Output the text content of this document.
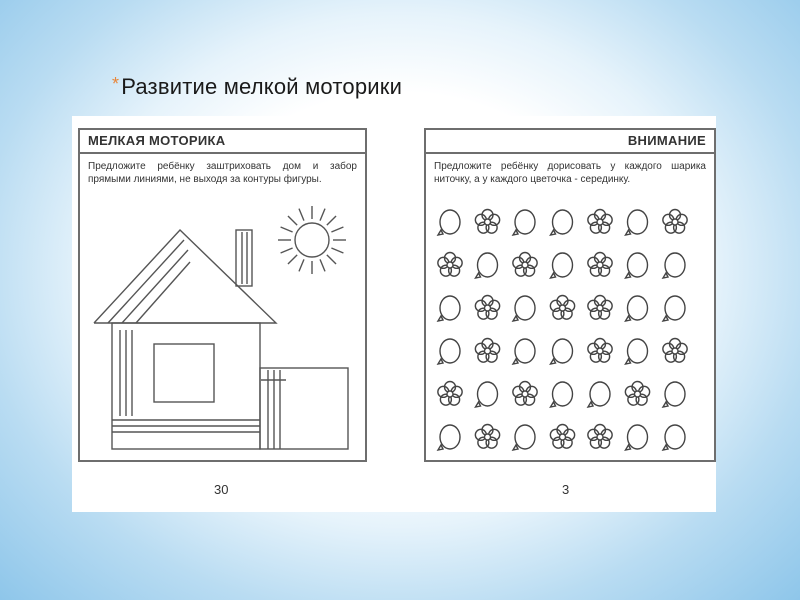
*Развитие мелкой моторики
МЕЛКАЯ МОТОРИКА
Предложите ребёнку заштриховать дом и забор прямыми линиями, не выходя за контуры фигуры.
ВНИМАНИЕ
Предложите ребёнку дорисовать у каждого шарика ниточку, а у каждого цветочка - серединку.
30	3
